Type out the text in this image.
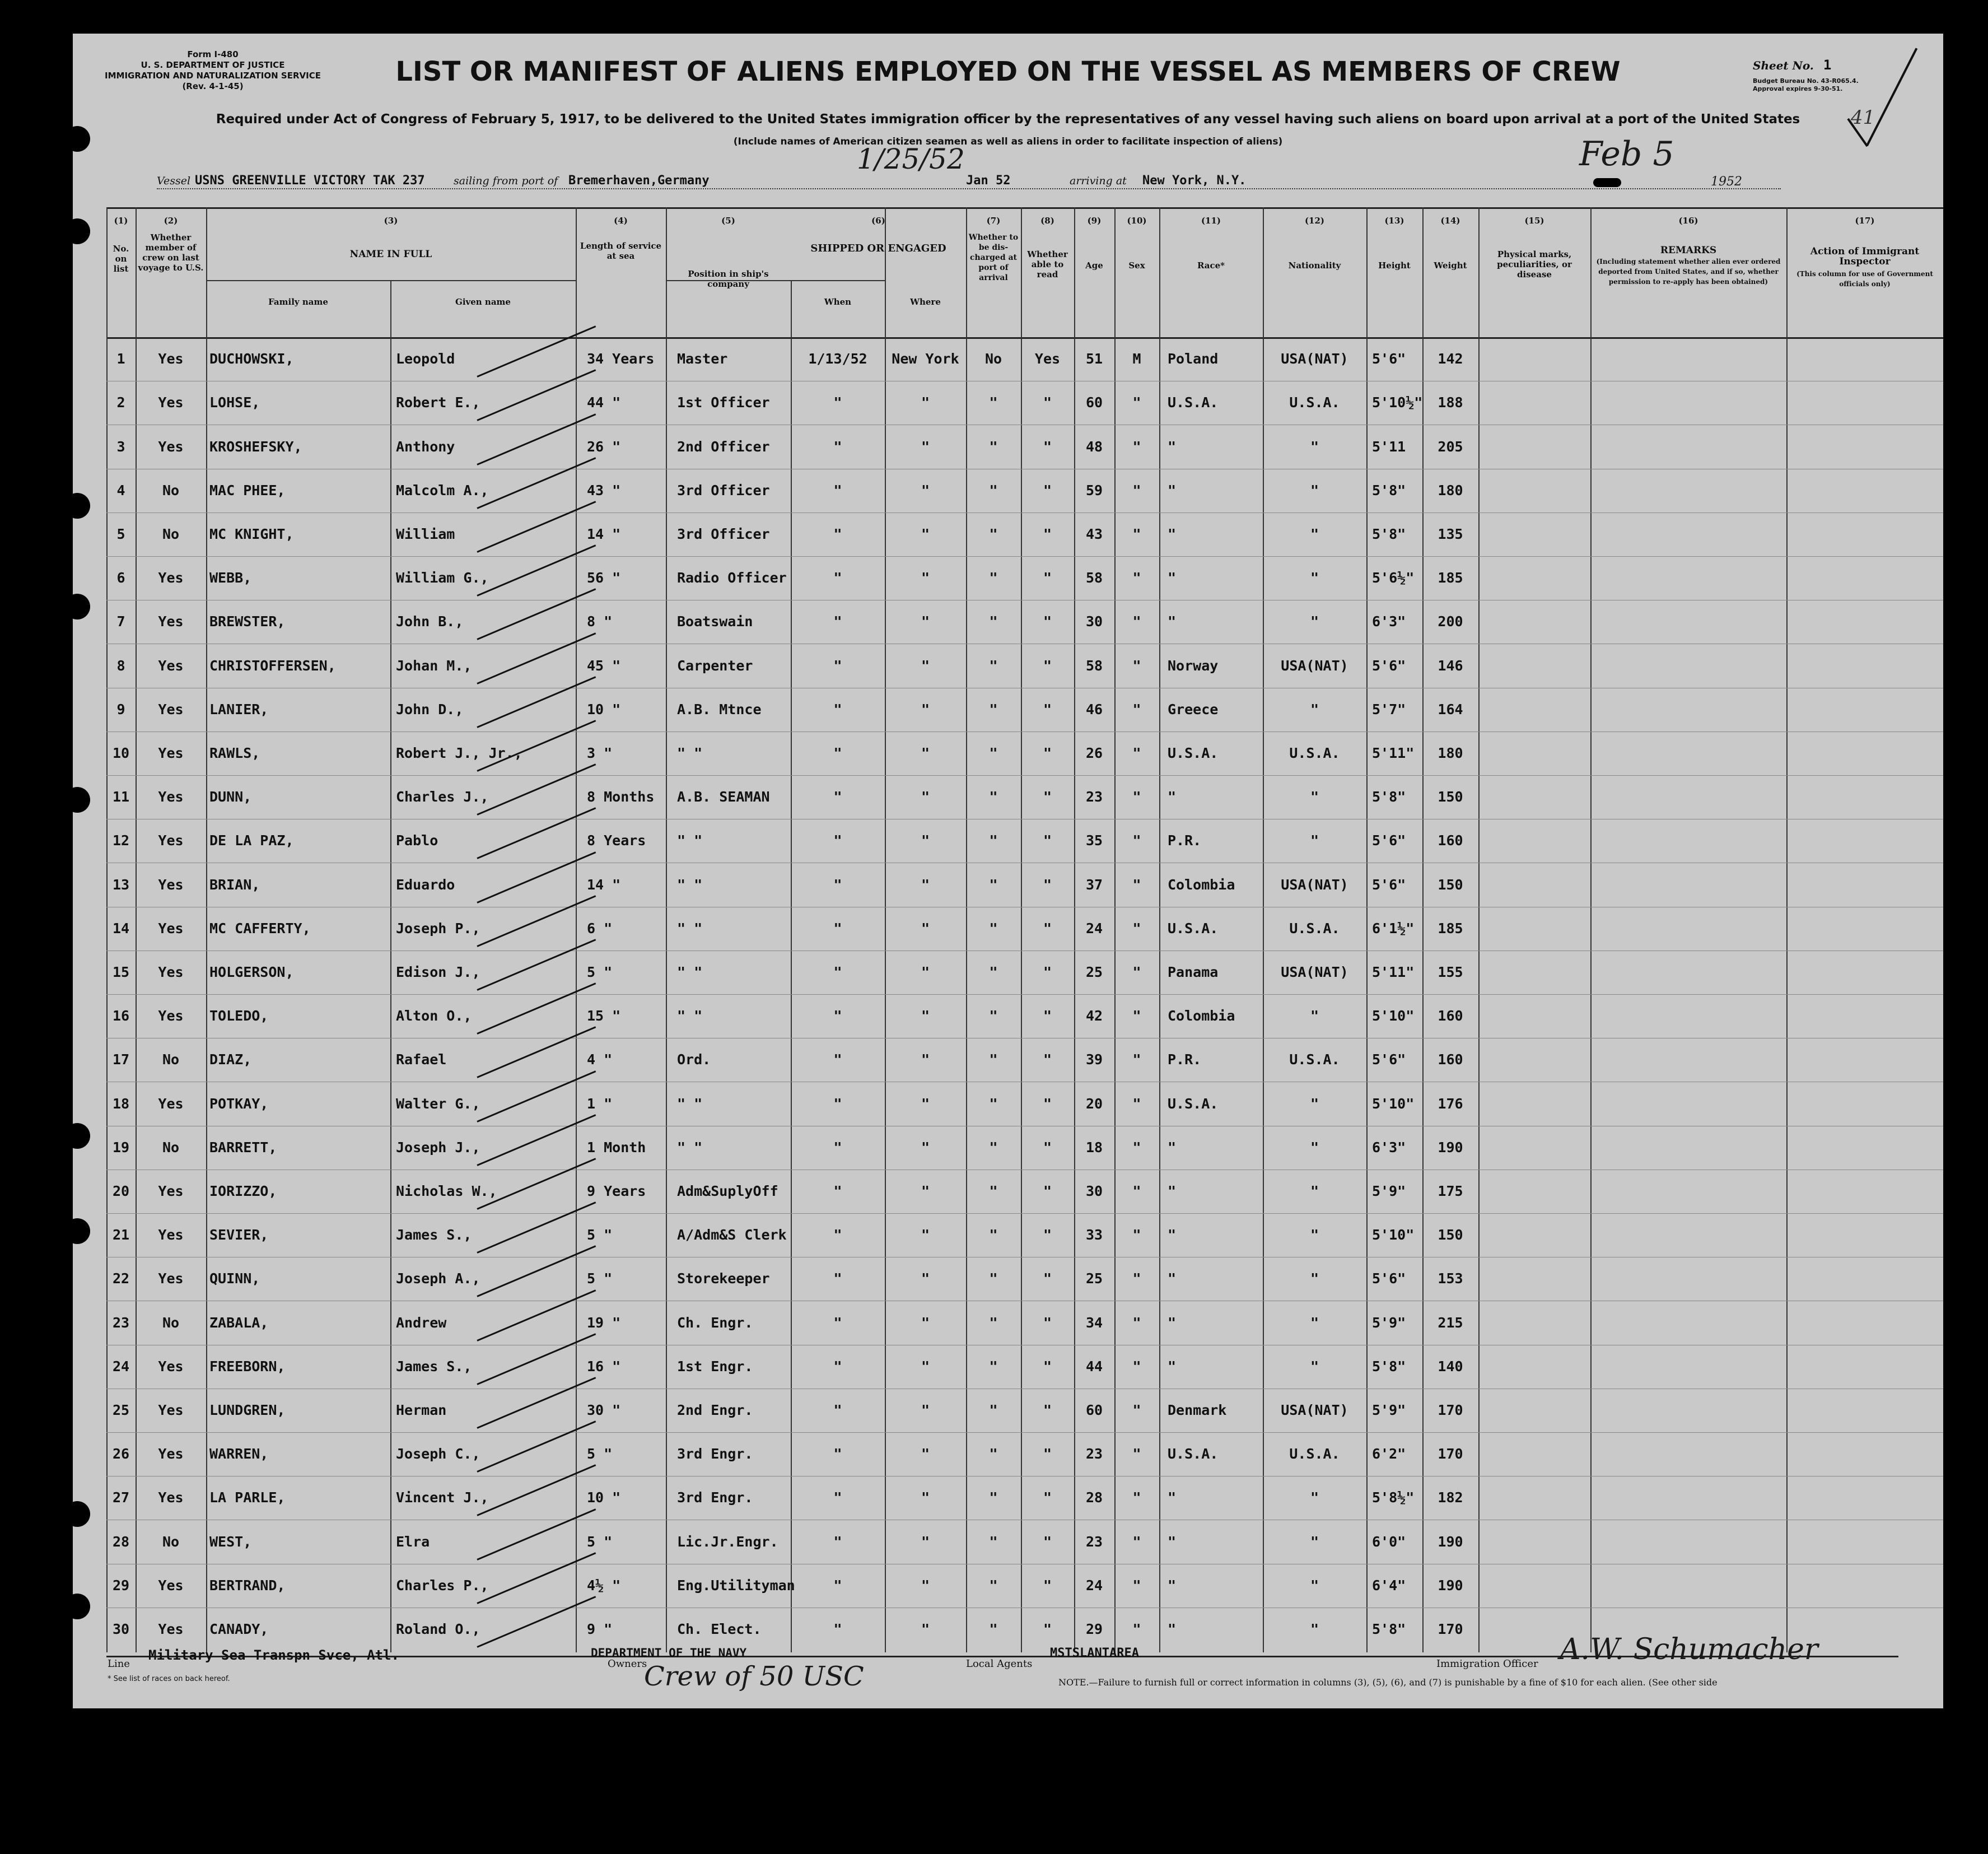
Form I-480
U. S. DEPARTMENT OF JUSTICE
IMMIGRATION AND NATURALIZATION SERVICE
(Rev. 4-1-45)	LIST OR MANIFEST OF ALIENS EMPLOYED ON THE VESSEL AS MEMBERS OF CREW	Sheet No. 1
Budget Bureau No. 43-R065.4.
Approval expires 9-30-51.
41
Required under Act of Congress of February 5, 1917, to be delivered to the United States immigration officer by the representatives of any vessel having such aliens on board upon arrival at a port of the United States
(Include names of American citizen seamen as well as aliens in order to facilitate inspection of aliens)
Vessel USNS GREENVILLE VICTORY TAK 237	sailing from port of Bremerhaven,Germany	Jan 52
1/25/52
arriving at New York, N.Y.
Feb 5
1952
(1)
No. on list
(2)
Whether member of crew on last voyage to U.S.
(3)
NAME IN FULL
Family name	Given name
(4)
Length of service at sea
(5)
Position in ship's company
(6)
SHIPPED OR ENGAGED
When	Where
(7)
Whether to be dis-charged at port of arrival
(8)
Whether able to read
(9)
Age
(10)
Sex
(11)
Race*
(12)
Nationality
(13)
Height
(14)
Weight
(15)
Physical marks, peculiarities, or disease
(16)
REMARKS
(Including statement whether alien ever ordered deported from United States, and if so, whether permission to re-apply has been obtained)
(17)
Action of Immigrant Inspector
(This column for use of Government officials only)
1	Yes	DUCHOWSKI,	Leopold	34 Years	Master	1/13/52	New York	No	Yes	51	M	Poland	USA(NAT)	5'6"	142
2	Yes	LOHSE,	Robert E.,	44 "	1st Officer	"	"	"	"	60	"	U.S.A.	U.S.A.	5'10½"	188
3	Yes	KROSHEFSKY,	Anthony	26 "	2nd Officer	"	"	"	"	48	"	"	"	5'11	205
4	No	MAC PHEE,	Malcolm A.,	43 "	3rd Officer	"	"	"	"	59	"	"	"	5'8"	180
5	No	MC KNIGHT,	William	14 "	3rd Officer	"	"	"	"	43	"	"	"	5'8"	135
6	Yes	WEBB,	William G.,	56 "	Radio Officer	"	"	"	"	58	"	"	"	5'6½"	185
7	Yes	BREWSTER,	John B.,	8 "	Boatswain	"	"	"	"	30	"	"	"	6'3"	200
8	Yes	CHRISTOFFERSEN,	Johan M.,	45 "	Carpenter	"	"	"	"	58	"	Norway	USA(NAT)	5'6"	146
9	Yes	LANIER,	John D.,	10 "	A.B. Mtnce	"	"	"	"	46	"	Greece	"	5'7"	164
10	Yes	RAWLS,	Robert J., Jr.,	3 "	" "	"	"	"	"	26	"	U.S.A.	U.S.A.	5'11"	180
11	Yes	DUNN,	Charles J.,	8 Months	A.B. SEAMAN	"	"	"	"	23	"	"	"	5'8"	150
12	Yes	DE LA PAZ,	Pablo	8 Years	" "	"	"	"	"	35	"	P.R.	"	5'6"	160
13	Yes	BRIAN,	Eduardo	14 "	" "	"	"	"	"	37	"	Colombia	USA(NAT)	5'6"	150
14	Yes	MC CAFFERTY,	Joseph P.,	6 "	" "	"	"	"	"	24	"	U.S.A.	U.S.A.	6'1½"	185
15	Yes	HOLGERSON,	Edison J.,	5 "	" "	"	"	"	"	25	"	Panama	USA(NAT)	5'11"	155
16	Yes	TOLEDO,	Alton O.,	15 "	" "	"	"	"	"	42	"	Colombia	"	5'10"	160
17	No	DIAZ,	Rafael	4 "	Ord.	"	"	"	"	39	"	P.R.	U.S.A.	5'6"	160
18	Yes	POTKAY,	Walter G.,	1 "	" "	"	"	"	"	20	"	U.S.A.	"	5'10"	176
19	No	BARRETT,	Joseph J.,	1 Month	" "	"	"	"	"	18	"	"	"	6'3"	190
20	Yes	IORIZZO,	Nicholas W.,	9 Years	Adm&SuplyOff	"	"	"	"	30	"	"	"	5'9"	175
21	Yes	SEVIER,	James S.,	5 "	A/Adm&S Clerk	"	"	"	"	33	"	"	"	5'10"	150
22	Yes	QUINN,	Joseph A.,	5 "	Storekeeper	"	"	"	"	25	"	"	"	5'6"	153
23	No	ZABALA,	Andrew	19 "	Ch. Engr.	"	"	"	"	34	"	"	"	5'9"	215
24	Yes	FREEBORN,	James S.,	16 "	1st Engr.	"	"	"	"	44	"	"	"	5'8"	140
25	Yes	LUNDGREN,	Herman	30 "	2nd Engr.	"	"	"	"	60	"	Denmark	USA(NAT)	5'9"	170
26	Yes	WARREN,	Joseph C.,	5 "	3rd Engr.	"	"	"	"	23	"	U.S.A.	U.S.A.	6'2"	170
27	Yes	LA PARLE,	Vincent J.,	10 "	3rd Engr.	"	"	"	"	28	"	"	"	5'8½"	182
28	No	WEST,	Elra	5 "	Lic.Jr.Engr.	"	"	"	"	23	"	"	"	6'0"	190
29	Yes	BERTRAND,	Charles P.,	4½ "	Eng.Utilityman	"	"	"	"	24	"	"	"	6'4"	190
30	Yes	CANADY,	Roland O.,	9 "	Ch. Elect.	"	"	"	"	29	"	"	"	5'8"	170
Line
Military Sea Transpn Svce, Atl.
Owners
DEPARTMENT OF THE NAVY
Local Agents
MSTSLANTAREA
Immigration Officer A.W. Schumacher
* See list of races on back hereof.	Crew of 50 USC	NOTE.—Failure to furnish full or correct information in columns (3), (5), (6), and (7) is punishable by a fine of $10 for each alien. (See other side
